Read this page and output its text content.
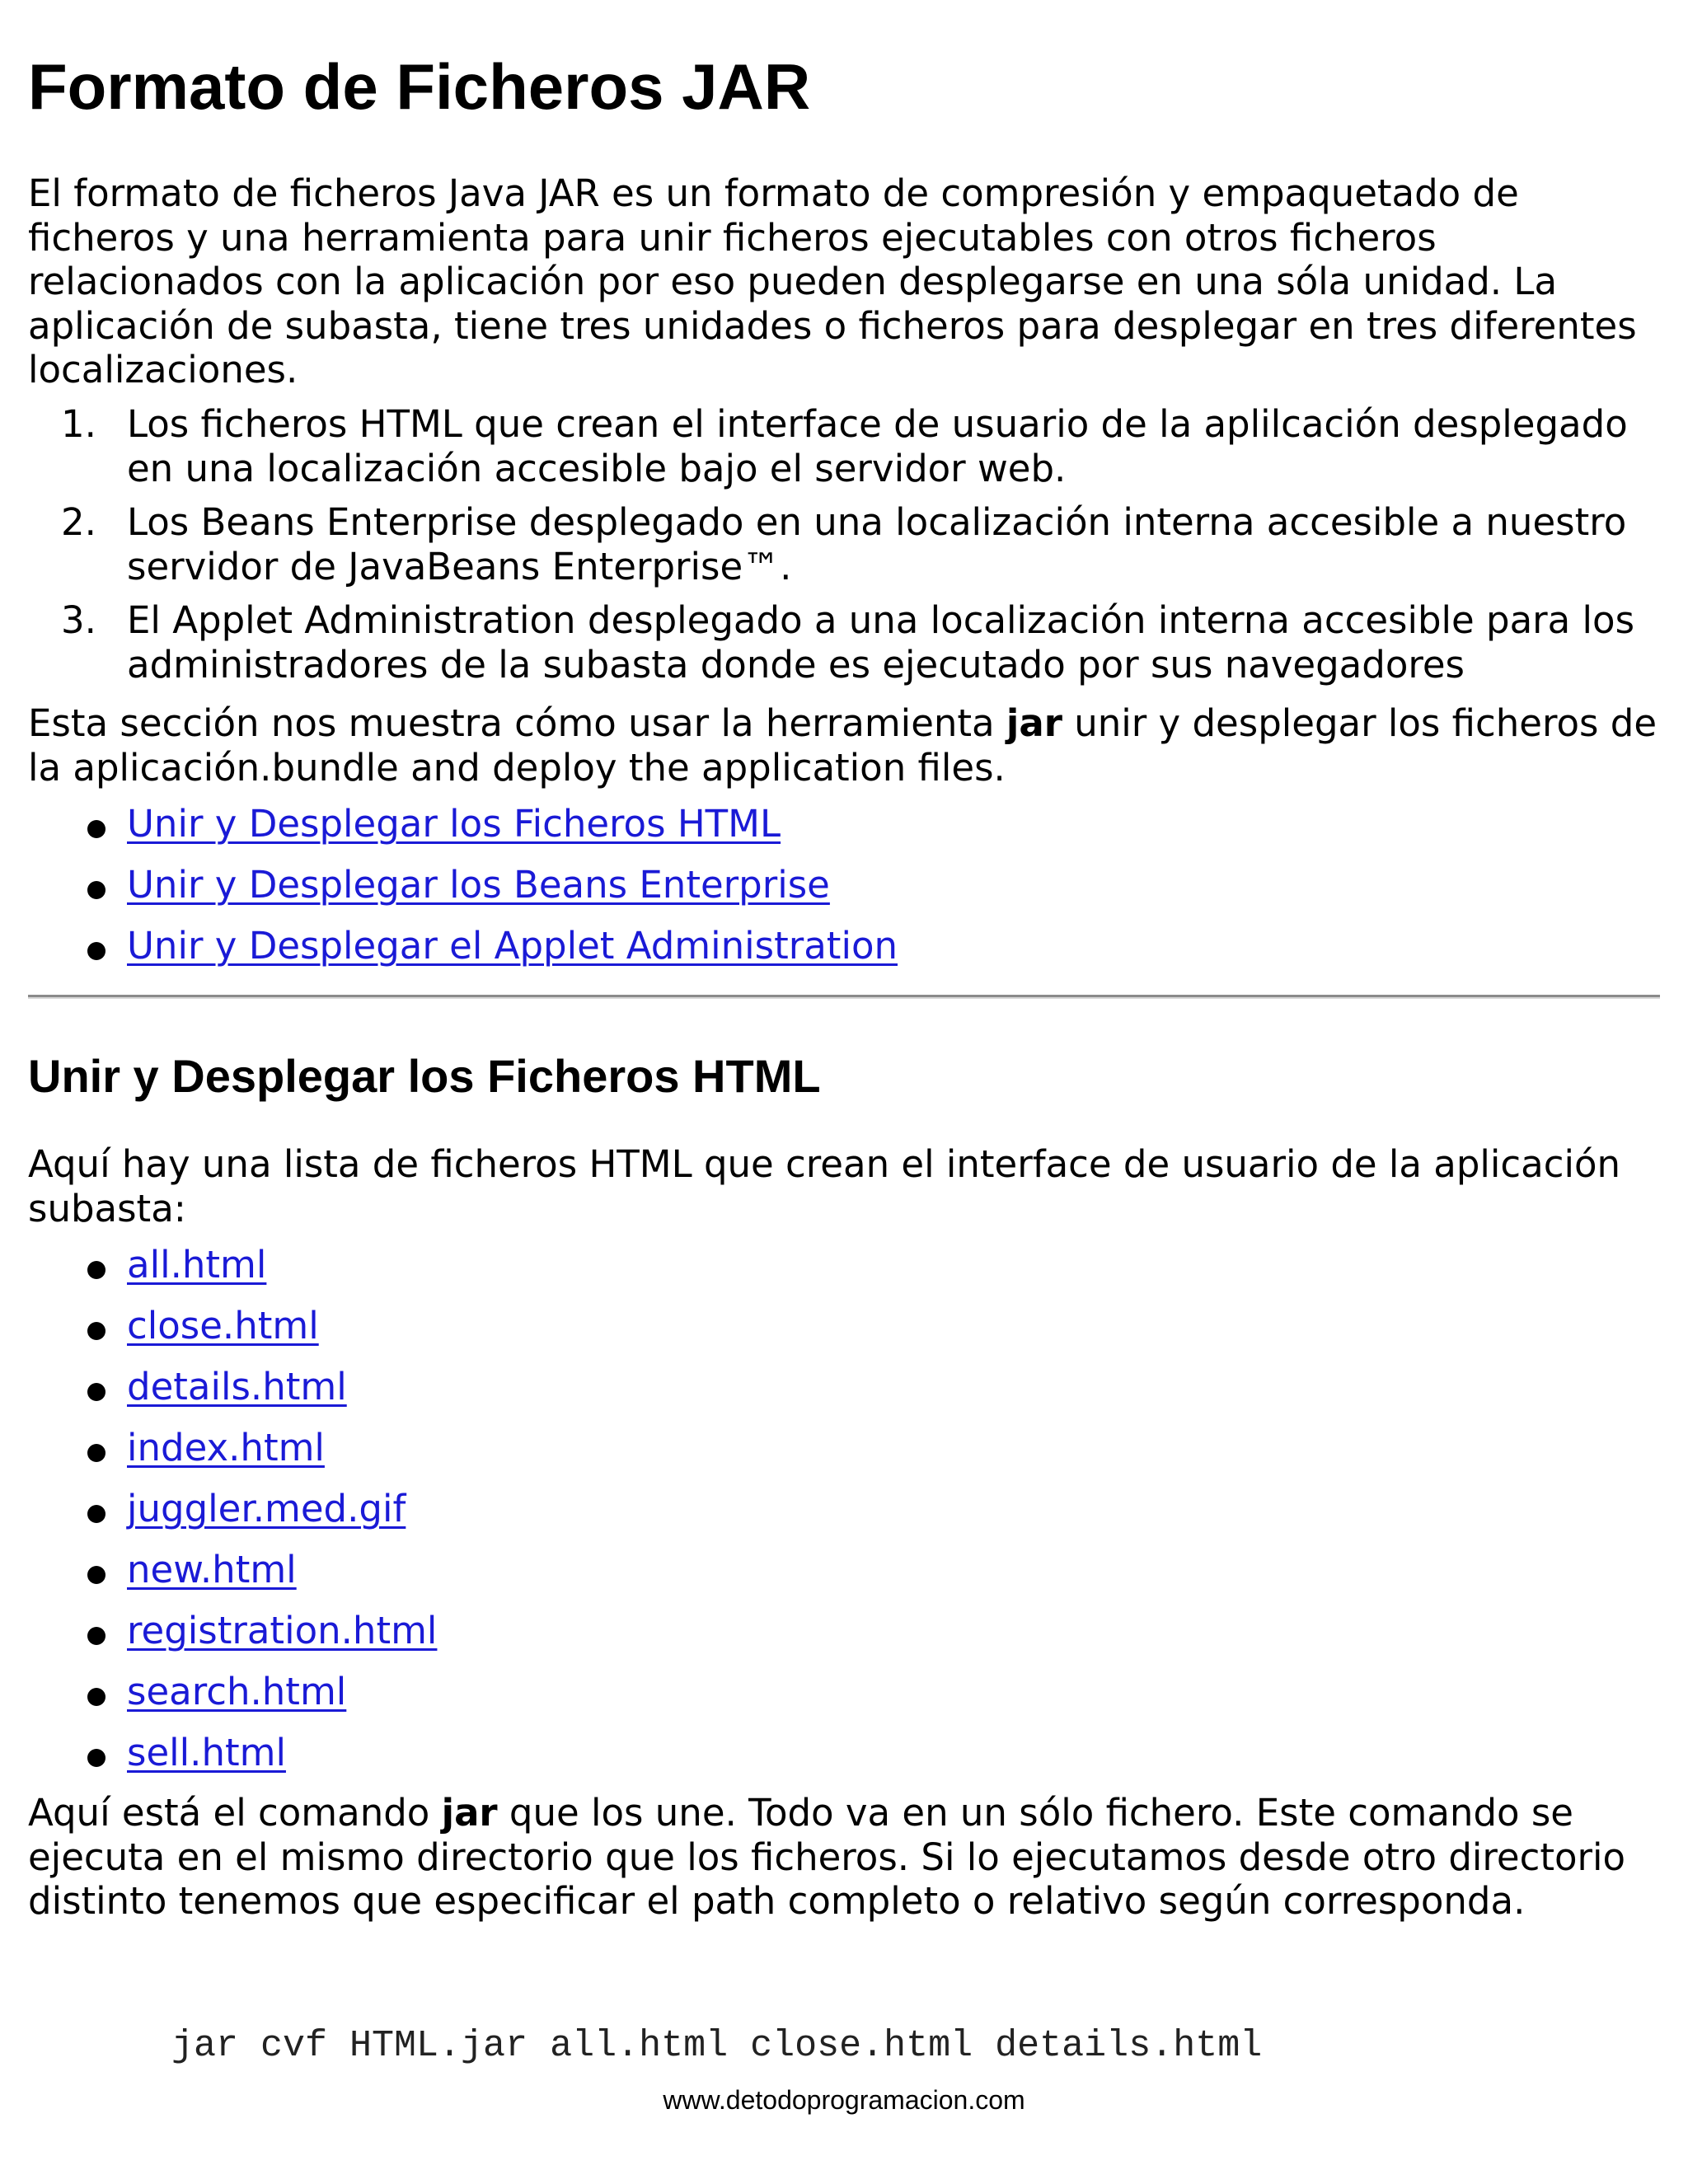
Formato de Ficheros JAR

El formato de ficheros Java JAR es un formato de compresión y empaquetado de ficheros y una herramienta para unir ficheros ejecutables con otros ficheros relacionados con la aplicación por eso pueden desplegarse en una sóla unidad. La aplicación de subasta, tiene tres unidades o ficheros para desplegar en tres diferentes localizaciones.

1. Los ficheros HTML que crean el interface de usuario de la aplilcación desplegado en una localización accesible bajo el servidor web.
2. Los Beans Enterprise desplegado en una localización interna accesible a nuestro servidor de JavaBeans Enterprise™.
3. El Applet Administration desplegado a una localización interna accesible para los administradores de la subasta donde es ejecutado por sus navegadores

Esta sección nos muestra cómo usar la herramienta jar unir y desplegar los ficheros de la aplicación.bundle and deploy the application files.

Unir y Desplegar los Ficheros HTML
Unir y Desplegar los Beans Enterprise
Unir y Desplegar el Applet Administration
Unir y Desplegar los Ficheros HTML

Aquí hay una lista de ficheros HTML que crean el interface de usuario de la aplicación subasta:

all.html
close.html
details.html
index.html
juggler.med.gif
new.html
registration.html
search.html
sell.html

Aquí está el comando jar que los une. Todo va en un sólo fichero. Este comando se ejecuta en el mismo directorio que los ficheros. Si lo ejecutamos desde otro directorio distinto tenemos que especificar el path completo o relativo según corresponda.

jar cvf HTML.jar all.html close.html details.html
www.detodoprogramacion.com
